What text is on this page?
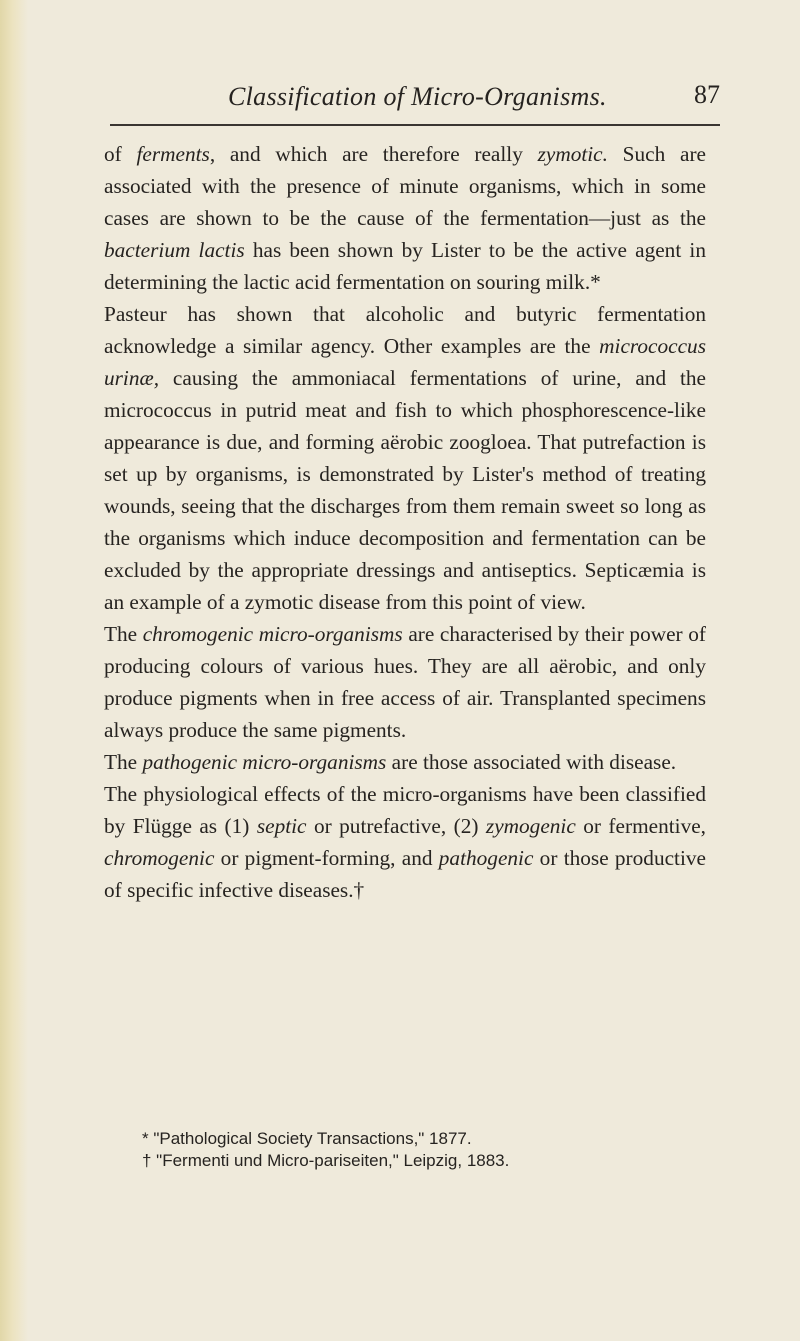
Classification of Micro-Organisms.	87

of ferments, and which are therefore really zymotic. Such are associated with the presence of minute organisms, which in some cases are shown to be the cause of the fermentation—just as the bacterium lactis has been shown by Lister to be the active agent in determining the lactic acid fermentation on souring milk.*

Pasteur has shown that alcoholic and butyric fermentation acknowledge a similar agency. Other examples are the micrococcus urinæ, causing the ammoniacal fermentations of urine, and the micrococcus in putrid meat and fish to which phosphorescence-like appearance is due, and forming aërobic zoogloea. That putrefaction is set up by organisms, is demonstrated by Lister's method of treating wounds, seeing that the discharges from them remain sweet so long as the organisms which induce decomposition and fermentation can be excluded by the appropriate dressings and antiseptics. Septicæmia is an example of a zymotic disease from this point of view.

The chromogenic micro-organisms are characterised by their power of producing colours of various hues. They are all aërobic, and only produce pigments when in free access of air. Transplanted specimens always produce the same pigments.

The pathogenic micro-organisms are those associated with disease.

The physiological effects of the micro-organisms have been classified by Flügge as (1) septic or putrefactive, (2) zymogenic or fermentive, chromogenic or pigment-forming, and pathogenic or those productive of specific infective diseases.†

* "Pathological Society Transactions," 1877.

† "Fermenti und Micro-pariseiten," Leipzig, 1883.
